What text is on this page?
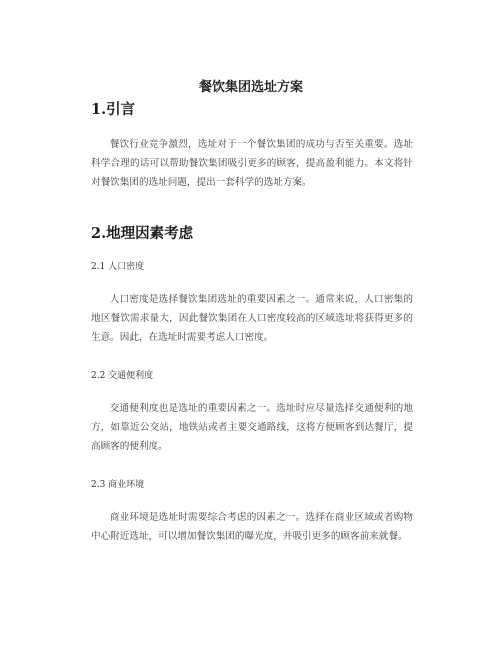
餐饮集团选址方案
1.引言
餐饮行业竞争激烈，选址对于一个餐饮集团的成功与否至关重要。选址科学合理的话可以帮助餐饮集团吸引更多的顾客，提高盈利能力。本文将针对餐饮集团的选址问题，提出一套科学的选址方案。
2.地理因素考虑
2.1 人口密度
人口密度是选择餐饮集团选址的重要因素之一。通常来说，人口密集的地区餐饮需求量大，因此餐饮集团在人口密度较高的区域选址将获得更多的生意。因此，在选址时需要考虑人口密度。
2.2 交通便利度
交通便利度也是选址的重要因素之一。选址时应尽量选择交通便利的地方，如靠近公交站，地铁站或者主要交通路线，这将方便顾客到达餐厅，提高顾客的便利度。
2.3 商业环境
商业环境是选址时需要综合考虑的因素之一。选择在商业区域或者购物中心附近选址，可以增加餐饮集团的曝光度，并吸引更多的顾客前来就餐。
